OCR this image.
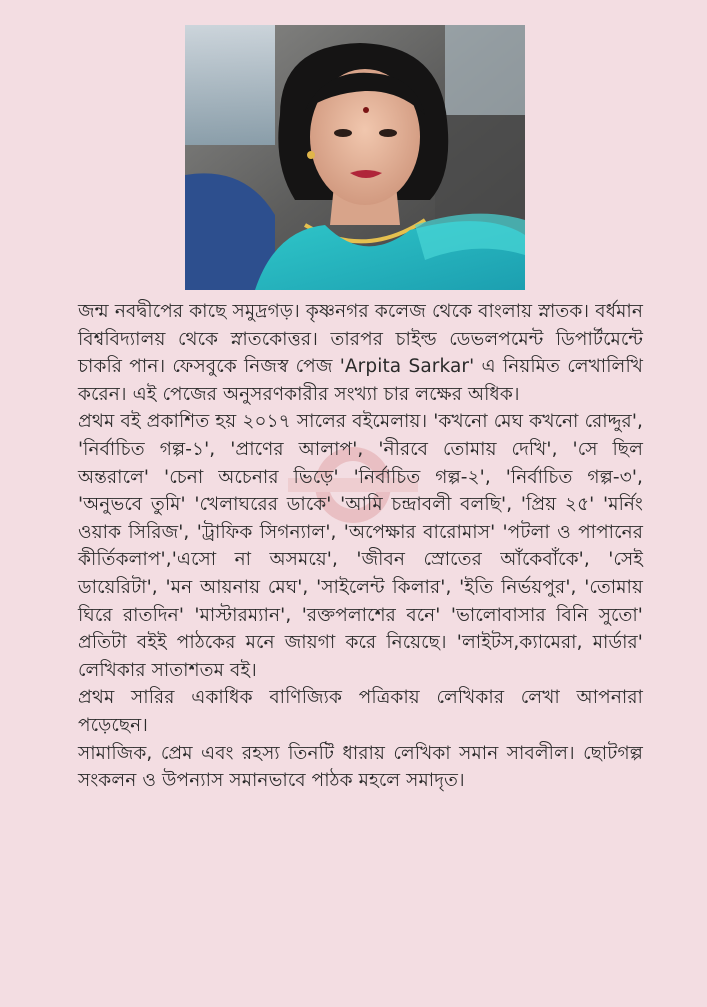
জন্ম নবদ্বীপের কাছে সমুদ্রগড়। কৃষ্ণনগর কলেজ থেকে বাংলায় স্নাতক। বর্ধমান বিশ্ববিদ্যালয় থেকে স্নাতকোত্তর। তারপর চাইল্ড ডেভলপমেন্ট ডিপার্টমেন্টে চাকরি পান। ফেসবুকে নিজস্ব পেজ 'Arpita Sarkar' এ নিয়মিত লেখালিখি করেন। এই পেজের অনুসরণকারীর সংখ্যা চার লক্ষের অধিক।

প্রথম বই প্রকাশিত হয় ২০১৭ সালের বইমেলায়। 'কখনো মেঘ কখনো রোদ্দুর', 'নির্বাচিত গল্প-১', 'প্রাণের আলাপ', 'নীরবে তোমায় দেখি', 'সে ছিল অন্তরালে' 'চেনা অচেনার ভিড়ে' 'নির্বাচিত গল্প-২', 'নির্বাচিত গল্প-৩', 'অনুভবে তুমি' 'খেলাঘরের ডাকে' 'আমি চন্দ্রাবলী বলছি', 'প্রিয় ২৫' 'মর্নিং ওয়াক সিরিজ', 'ট্রাফিক সিগন্যাল', 'অপেক্ষার বারোমাস' 'পটলা ও পাপানের কীর্তিকলাপ','এসো না অসময়ে', 'জীবন স্রোতের আঁকেবাঁকে', 'সেই ডায়েরিটা', 'মন আয়নায় মেঘ', 'সাইলেন্ট কিলার', 'ইতি নির্ভয়পুর', 'তোমায় ঘিরে রাতদিন' 'মাস্টারম্যান', 'রক্তপলাশের বনে' 'ভালোবাসার বিনি সুতো' প্রতিটা বইই পাঠকের মনে জায়গা করে নিয়েছে। 'লাইটস,ক্যামেরা, মার্ডার' লেখিকার সাতাশতম বই।

প্রথম সারির একাধিক বাণিজ্যিক পত্রিকায় লেখিকার লেখা আপনারা পড়েছেন।

সামাজিক, প্রেম এবং রহস্য তিনটি ধারায় লেখিকা সমান সাবলীল। ছোটগল্প সংকলন ও উপন্যাস সমানভাবে পাঠক মহলে সমাদৃত।
